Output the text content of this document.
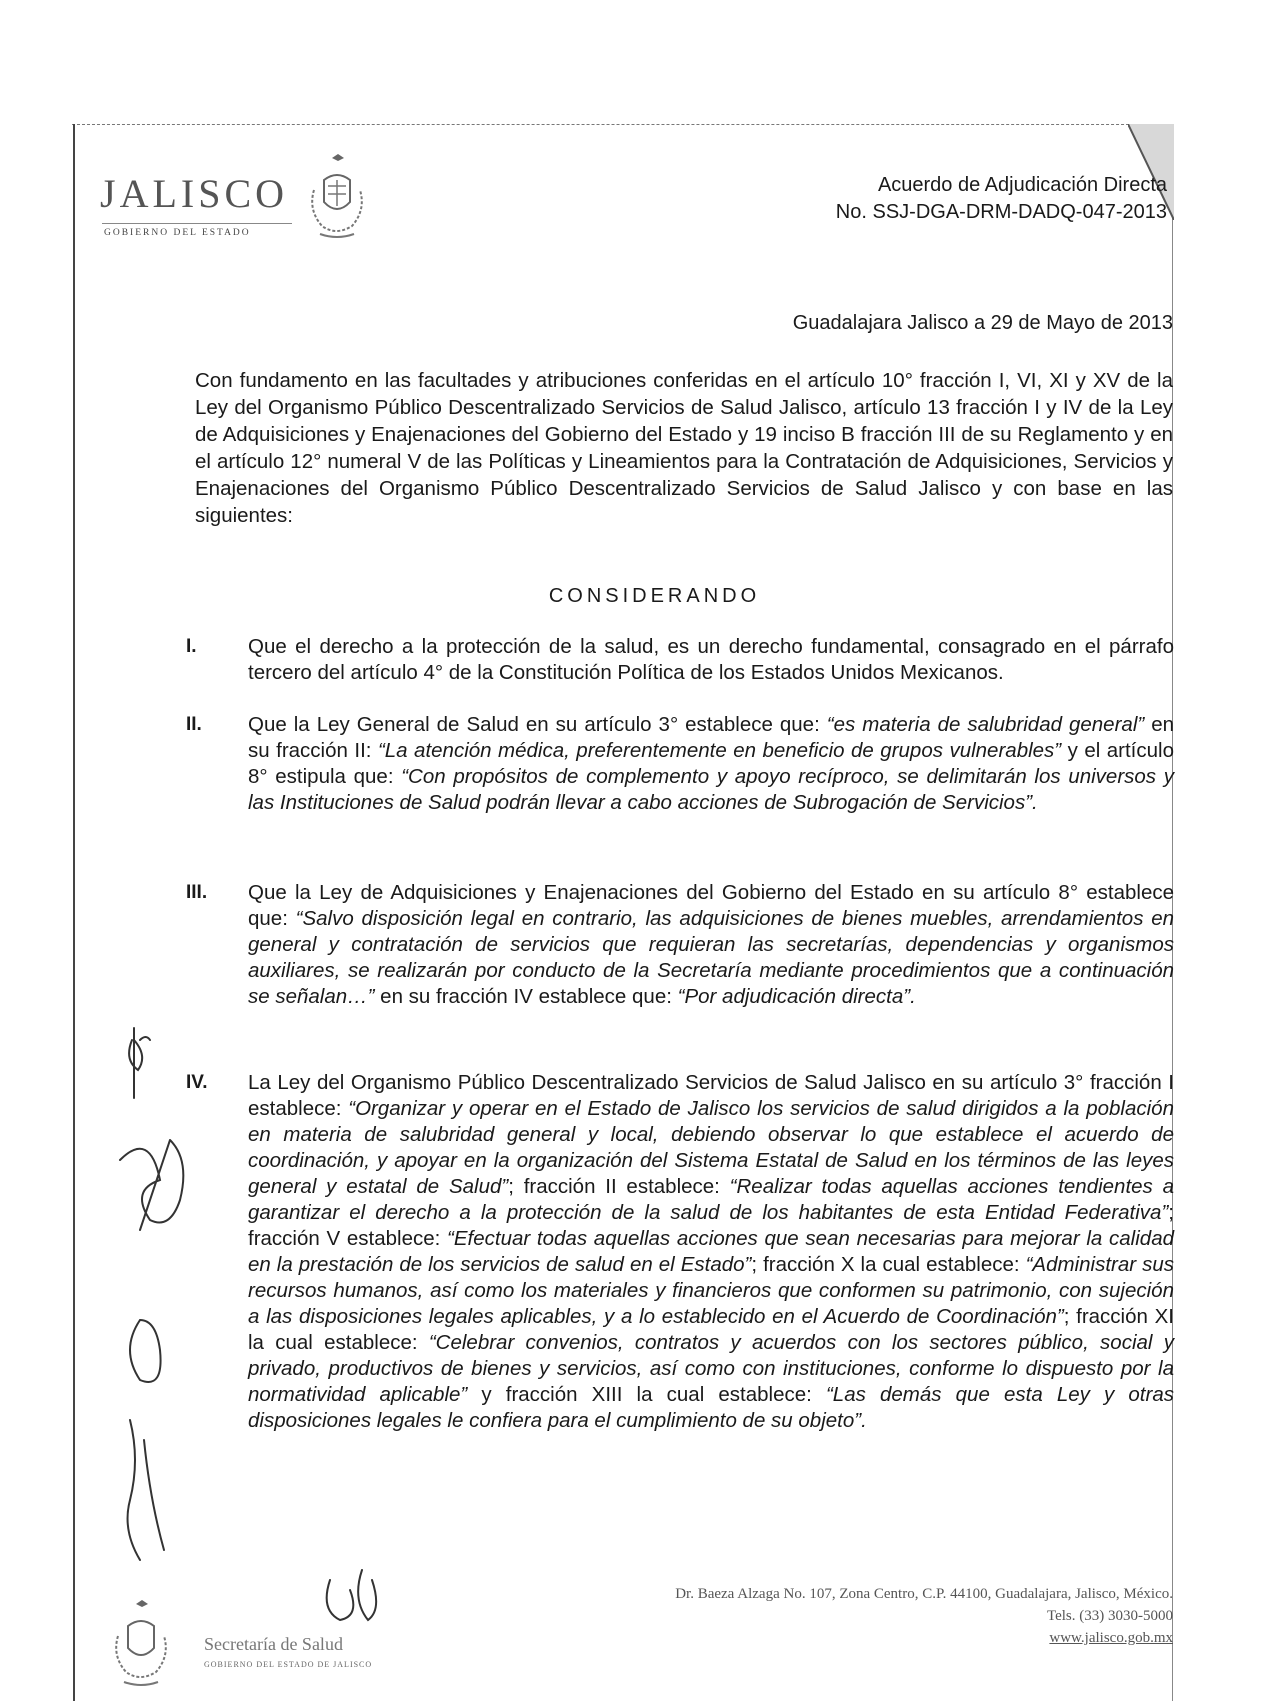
JALISCO
GOBIERNO DEL ESTADO
Acuerdo de Adjudicación Directa
No. SSJ-DGA-DRM-DADQ-047-2013
Guadalajara Jalisco a 29 de Mayo de 2013
Con fundamento en las facultades y atribuciones conferidas en el artículo 10° fracción I, VI, XI y XV de la Ley del Organismo Público Descentralizado Servicios de Salud Jalisco, artículo 13 fracción I y IV de la Ley de Adquisiciones y Enajenaciones del Gobierno del Estado y 19 inciso B fracción III de su Reglamento y en el artículo 12° numeral V de las Políticas y Lineamientos para la Contratación de Adquisiciones, Servicios y Enajenaciones del Organismo Público Descentralizado Servicios de Salud Jalisco y con base en las siguientes:
CONSIDERANDO
I.	Que el derecho a la protección de la salud, es un derecho fundamental, consagrado en el párrafo tercero del artículo 4° de la Constitución Política de los Estados Unidos Mexicanos.
II.	Que la Ley General de Salud en su artículo 3° establece que: “es materia de salubridad general” en su fracción II: “La atención médica, preferentemente en beneficio de grupos vulnerables” y el artículo 8° estipula que: “Con propósitos de complemento y apoyo recíproco, se delimitarán los universos y las Instituciones de Salud podrán llevar a cabo acciones de Subrogación de Servicios”.
III.	Que la Ley de Adquisiciones y Enajenaciones del Gobierno del Estado en su artículo 8° establece que: “Salvo disposición legal en contrario, las adquisiciones de bienes muebles, arrendamientos en general y contratación de servicios que requieran las secretarías, dependencias y organismos auxiliares, se realizarán por conducto de la Secretaría mediante procedimientos que a continuación se señalan…” en su fracción IV establece que: “Por adjudicación directa”.
IV.	La Ley del Organismo Público Descentralizado Servicios de Salud Jalisco en su artículo 3° fracción I establece: “Organizar y operar en el Estado de Jalisco los servicios de salud dirigidos a la población en materia de salubridad general y local, debiendo observar lo que establece el acuerdo de coordinación, y apoyar en la organización del Sistema Estatal de Salud en los términos de las leyes general y estatal de Salud”; fracción II establece: “Realizar todas aquellas acciones tendientes a garantizar el derecho a la protección de la salud de los habitantes de esta Entidad Federativa”; fracción V establece: “Efectuar todas aquellas acciones que sean necesarias para mejorar la calidad en la prestación de los servicios de salud en el Estado”; fracción X la cual establece: “Administrar sus recursos humanos, así como los materiales y financieros que conformen su patrimonio, con sujeción a las disposiciones legales aplicables, y a lo establecido en el Acuerdo de Coordinación”; fracción XI la cual establece: “Celebrar convenios, contratos y acuerdos con los sectores público, social y privado, productivos de bienes y servicios, así como con instituciones, conforme lo dispuesto por la normatividad aplicable” y fracción XIII la cual establece: “Las demás que esta Ley y otras disposiciones legales le confiera para el cumplimiento de su objeto”.
Dr. Baeza Alzaga No. 107, Zona Centro, C.P. 44100, Guadalajara, Jalisco, México.
Tels. (33) 3030-5000
www.jalisco.gob.mx
Secretaría de Salud
GOBIERNO DEL ESTADO DE JALISCO
